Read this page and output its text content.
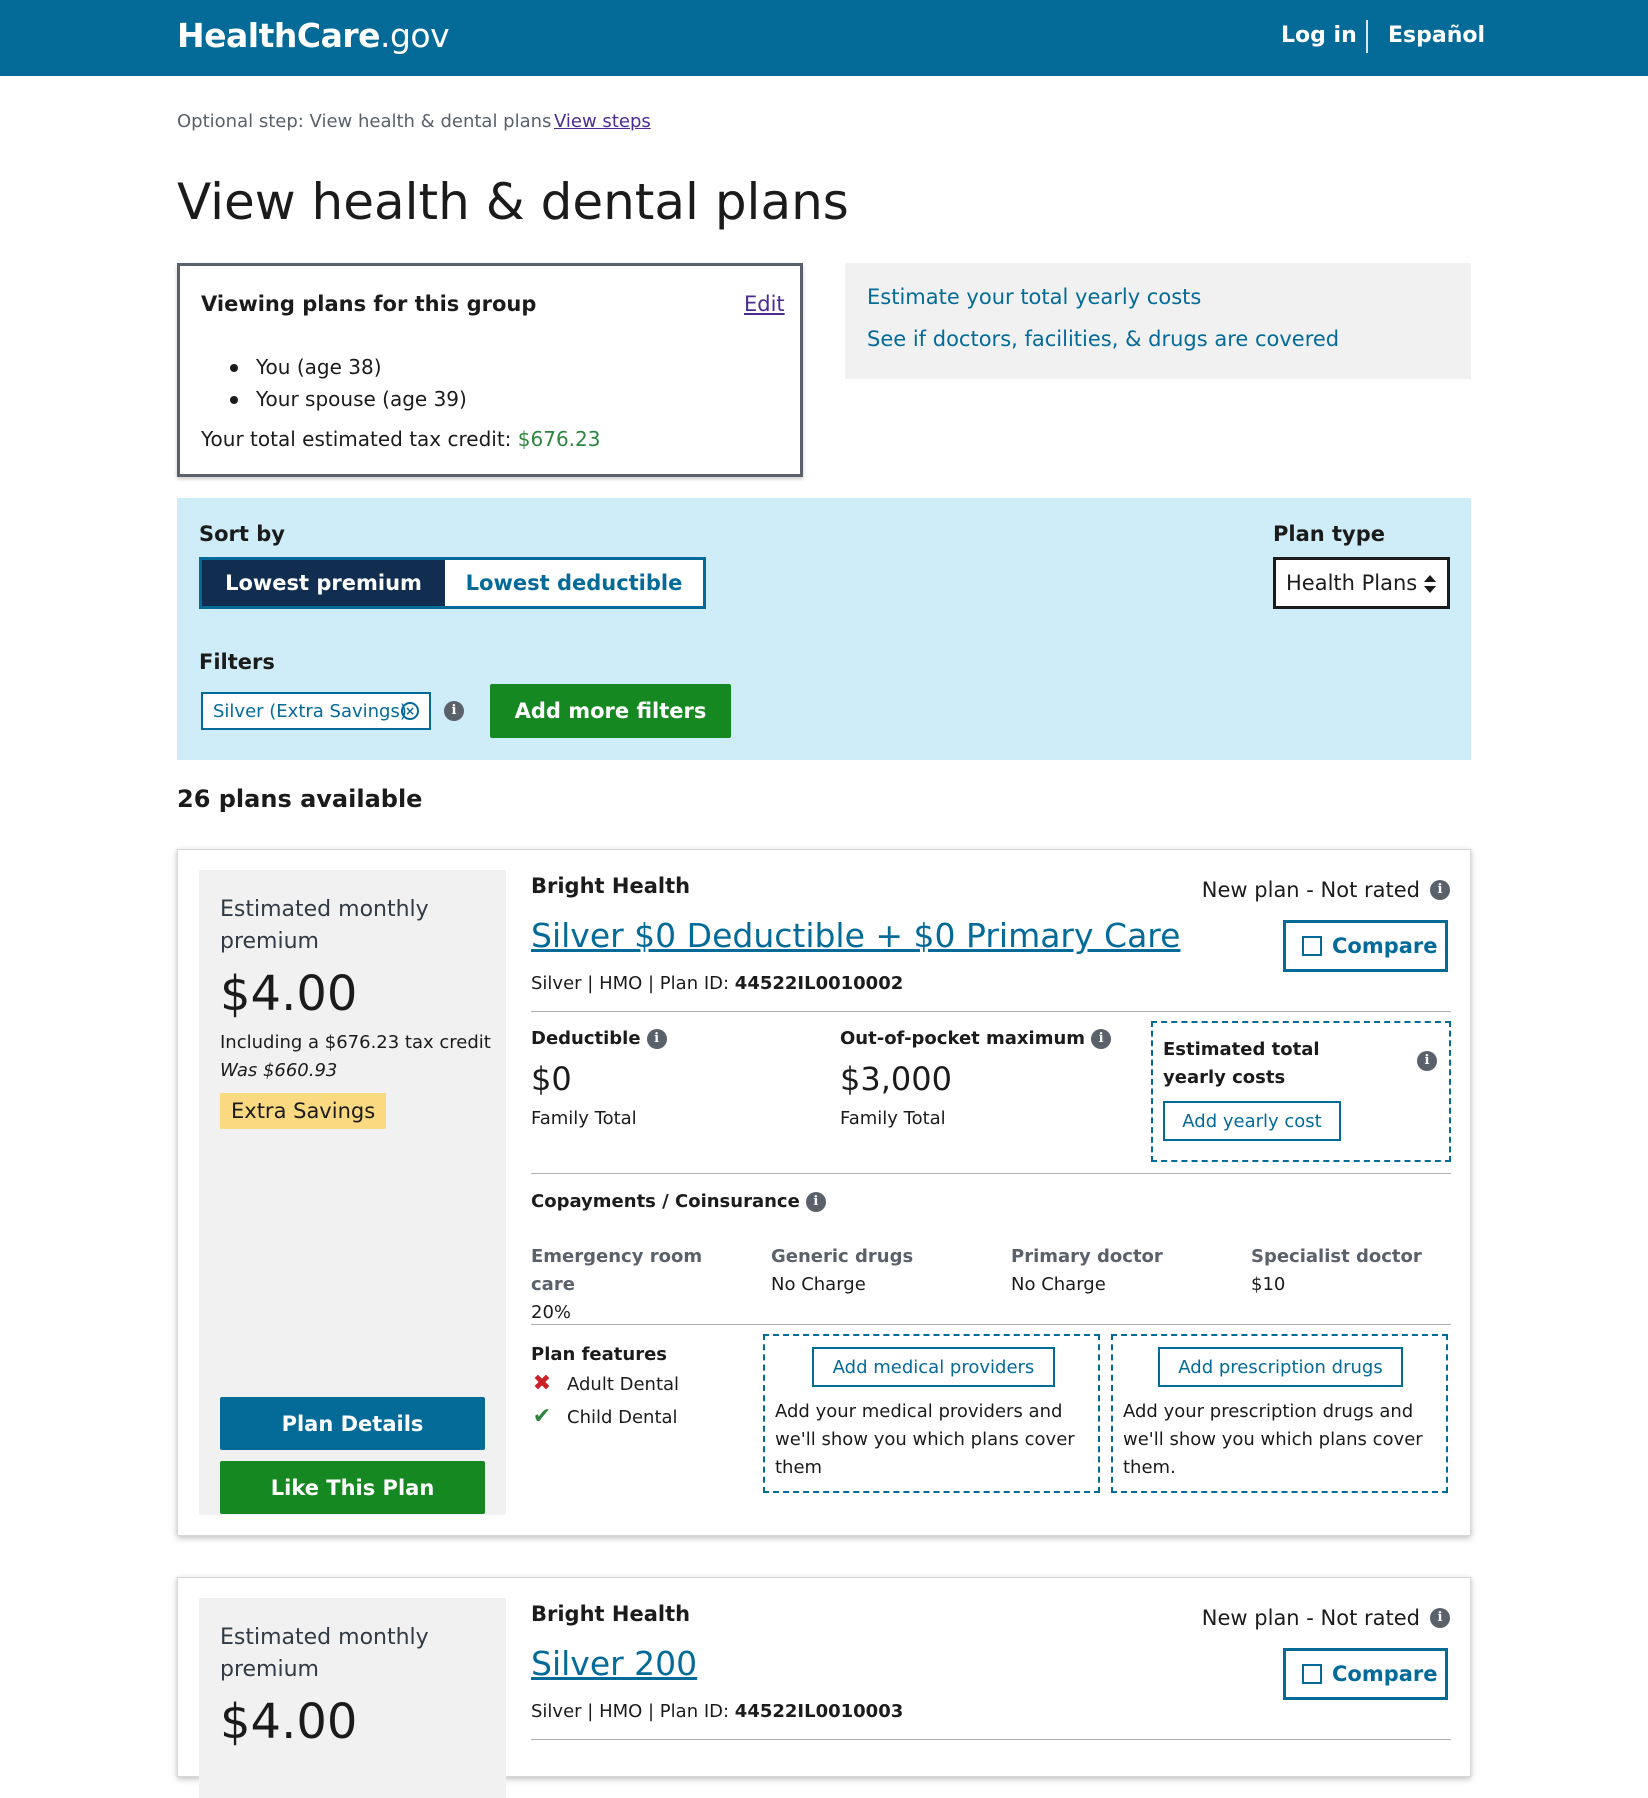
HealthCare.gov	Log in Español
Optional step: View health & dental plans View steps
View health & dental plans
Viewing plans for this group	Edit
You (age 38)
Your spouse (age 39)
Your total estimated tax credit: $676.23
Estimate your total yearly costs
See if doctors, facilities, & drugs are covered
Sort by
Lowest premium	Lowest deductible
Plan type
Health Plans
Filters
Silver (Extra Savings)
×	i	Add more filters
26 plans available
Estimated monthly premium
$4.00
Including a $676.23 tax credit
Was $660.93
Extra Savings
Plan Details
Like This Plan
Bright Health
Silver $0 Deductible + $0 Primary Care
Silver | HMO | Plan ID: 44522IL0010002
New plan - Not rated	i
Compare
Deductible	i
$0
Family Total
Out-of-pocket maximum	i
$3,000
Family Total
Estimated total yearly costs
i
Add yearly cost
Copayments / Coinsurance	i
Emergency room care
20%
Generic drugs
No Charge
Primary doctor
No Charge
Specialist doctor
$10
Plan features
✖ Adult Dental
✔ Child Dental
Add medical providers
Add your medical providers and we'll show you which plans cover them
Add prescription drugs
Add your prescription drugs and we'll show you which plans cover them.
Estimated monthly premium
$4.00
Bright Health
Silver 200
Silver | HMO | Plan ID: 44522IL0010003
New plan - Not rated	i
Compare
